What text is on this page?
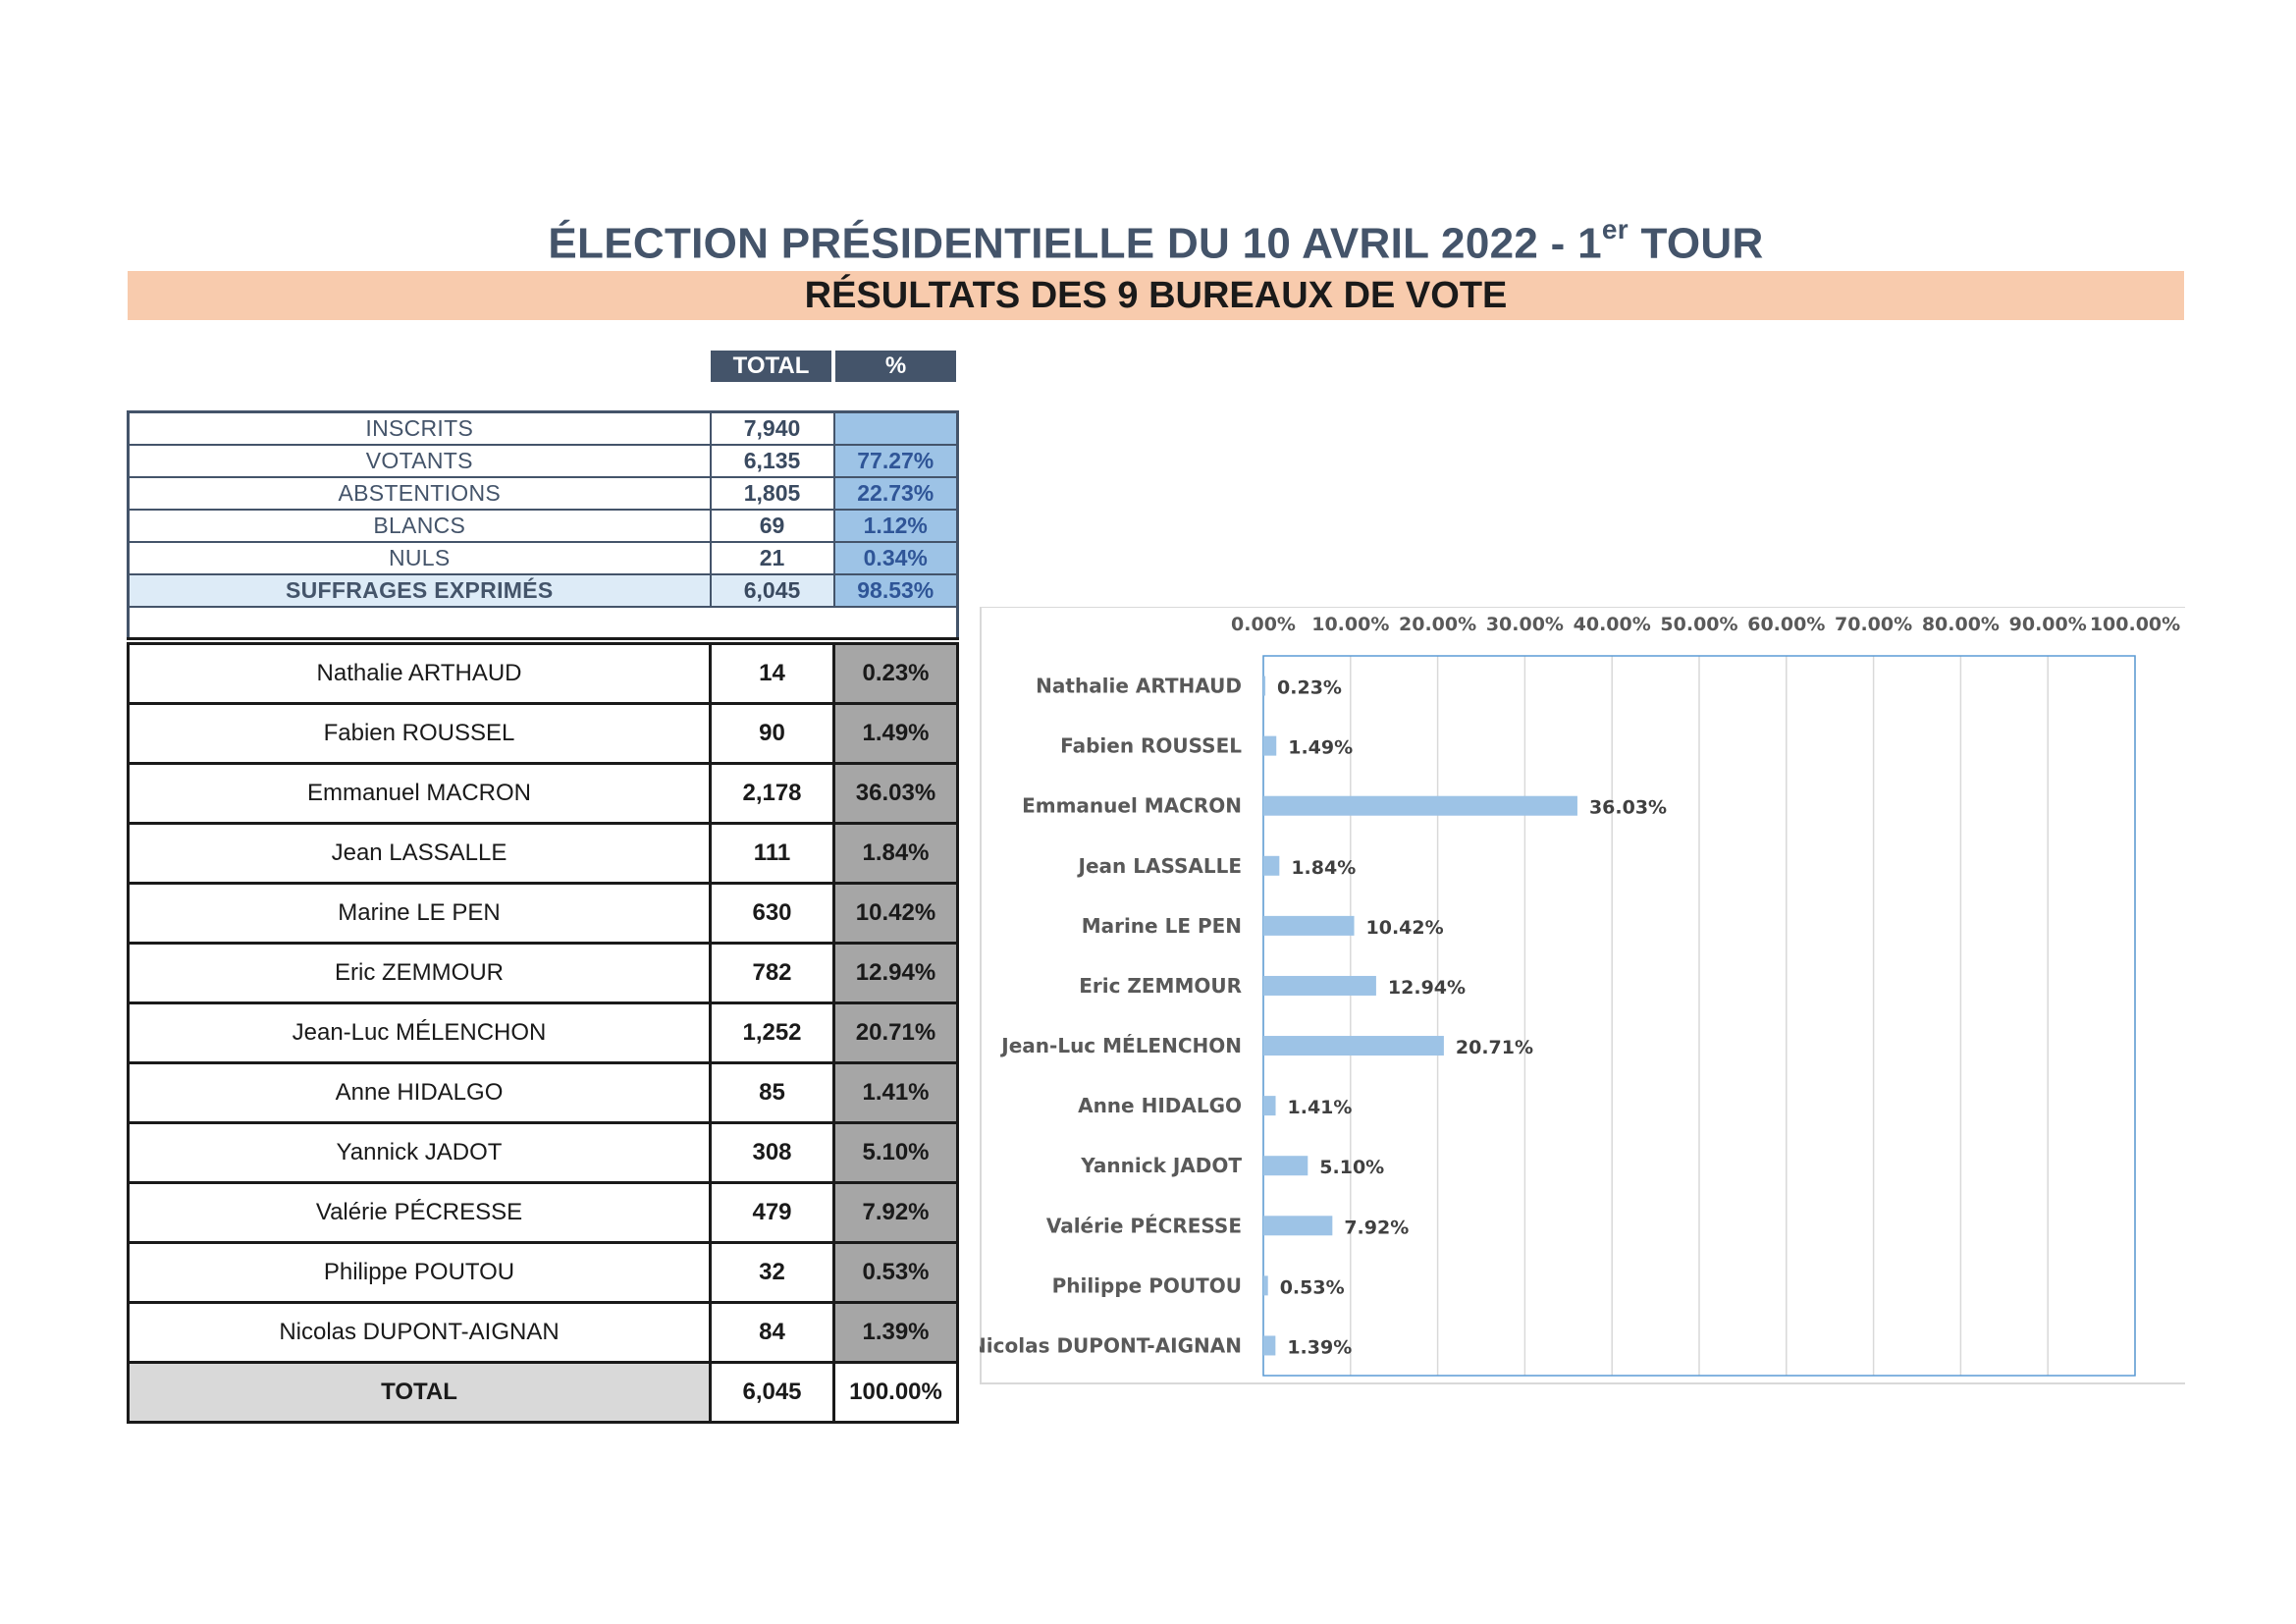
ÉLECTION PRÉSIDENTIELLE DU 10 AVRIL 2022 - 1er TOUR
RÉSULTATS DES 9 BUREAUX DE VOTE
TOTAL	%
INSCRITS	7,940	
VOTANTS	6,135	77.27%
ABSTENTIONS	1,805	22.73%
BLANCS	69	1.12%
NULS	21	0.34%
SUFFRAGES EXPRIMÉS	6,045	98.53%

Nathalie ARTHAUD	14	0.23%
Fabien ROUSSEL	90	1.49%
Emmanuel MACRON	2,178	36.03%
Jean LASSALLE	111	1.84%
Marine LE PEN	630	10.42%
Eric ZEMMOUR	782	12.94%
Jean-Luc MÉLENCHON	1,252	20.71%
Anne HIDALGO	85	1.41%
Yannick JADOT	308	5.10%
Valérie PÉCRESSE	479	7.92%
Philippe POUTOU	32	0.53%
Nicolas DUPONT-AIGNAN	84	1.39%
TOTAL	6,045	100.00%
0.00% 10.00% 20.00% 30.00% 40.00% 50.00% 60.00% 70.00% 80.00% 90.00% 100.00%
Nathalie ARTHAUD 0.23%
Fabien ROUSSEL 1.49%
Emmanuel MACRON	36.03%
Jean LASSALLE	1.84%
Marine LE PEN	10.42%
Eric ZEMMOUR	12.94%
Jean-Luc MÉLENCHON	20.71%
Anne HIDALGO 1.41%
Yannick JADOT	5.10%
Valérie PÉCRESSE	7.92%
Philippe POUTOU 0.53%
Nicolas DUPONT-AIGNAN 1.39%
